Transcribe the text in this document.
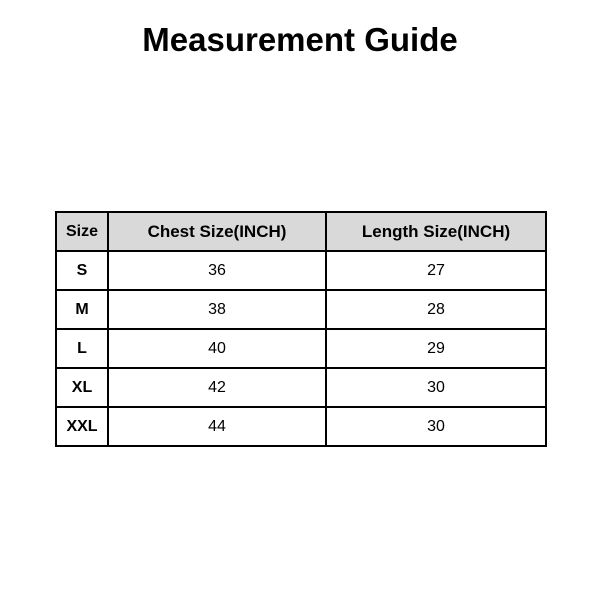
Measurement Guide
Size	Chest Size(INCH)	Length Size(INCH)
S	36	27
M	38	28
L	40	29
XL	42	30
XXL	44	30
